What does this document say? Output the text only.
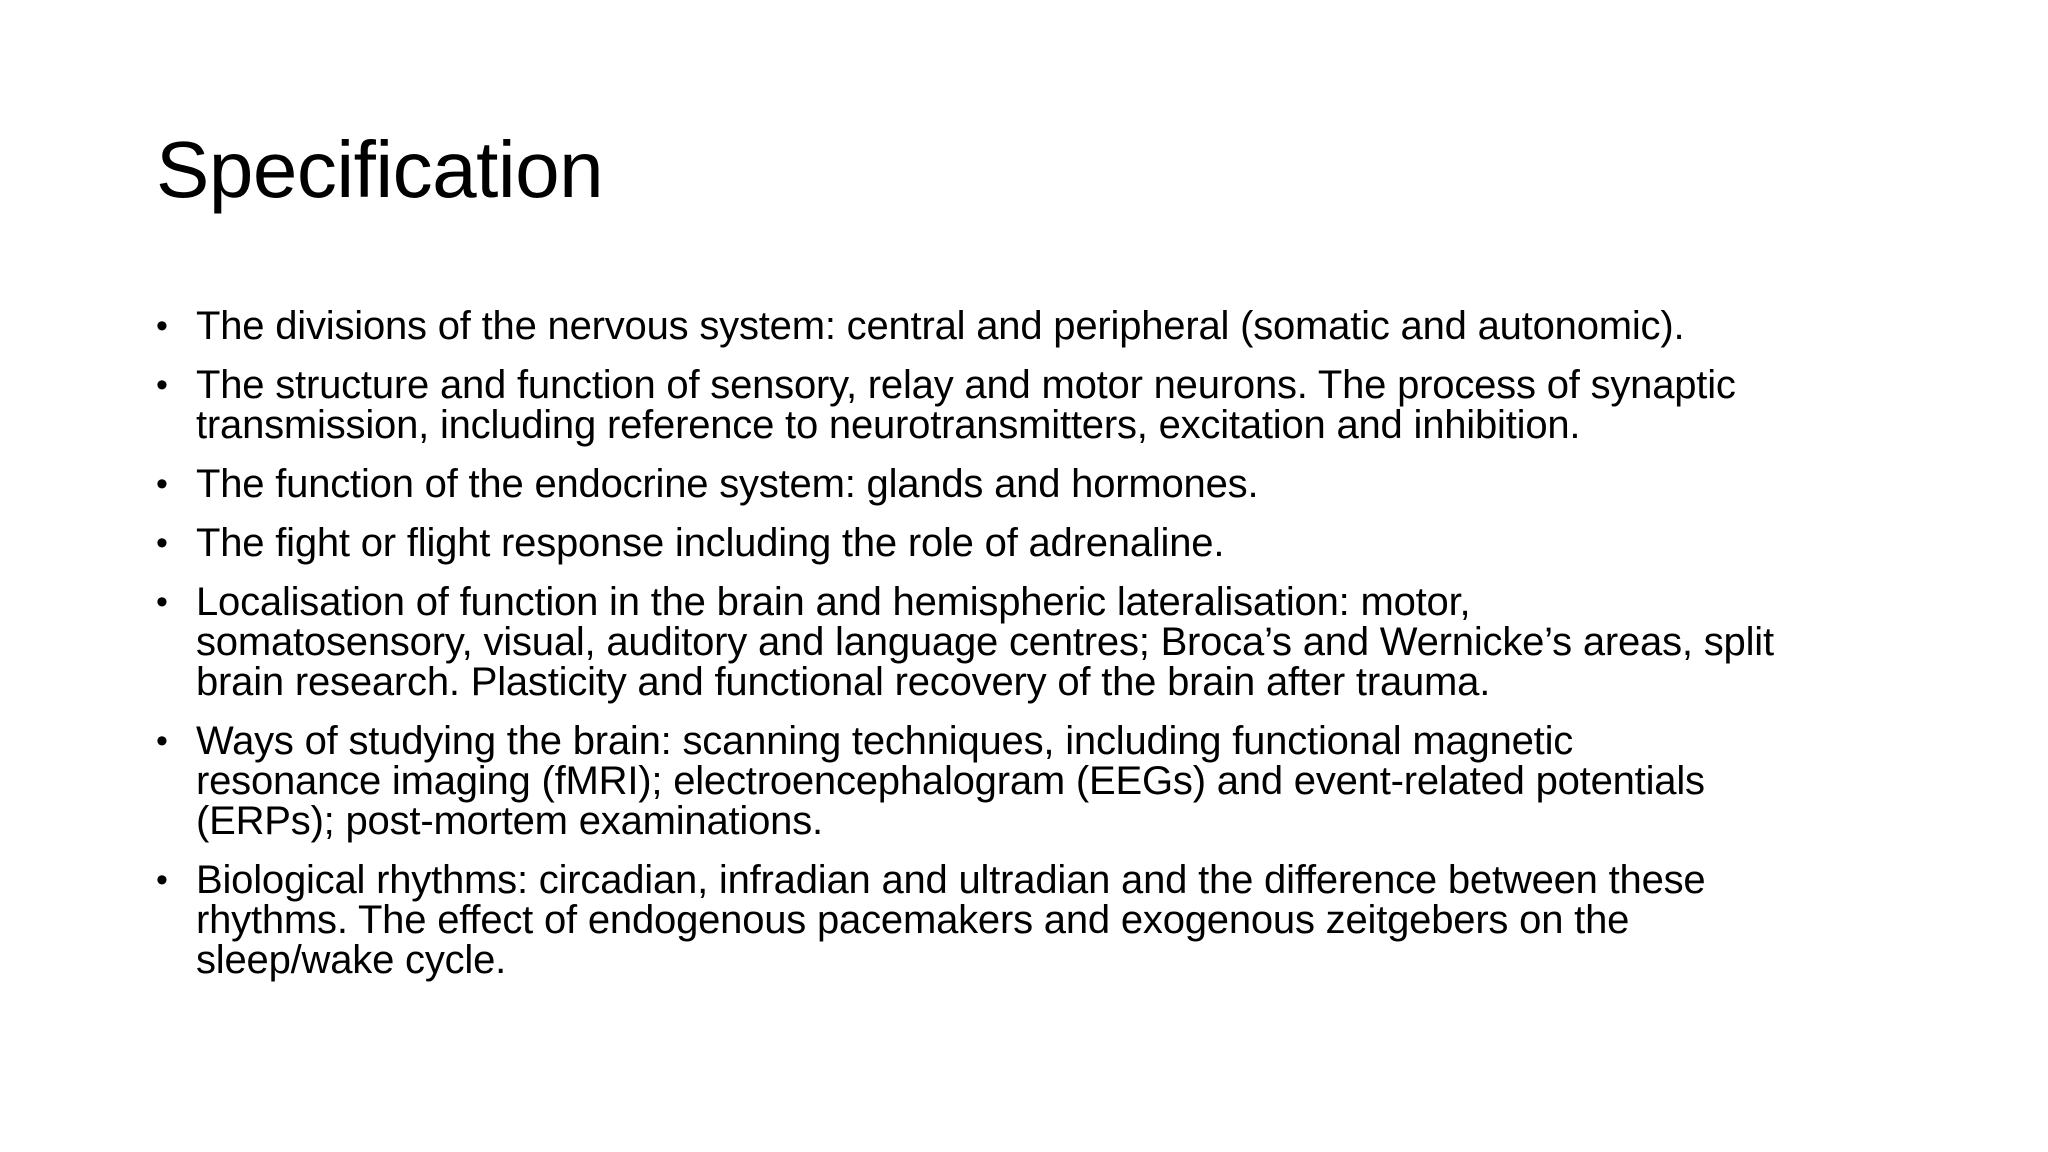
Specification
• The divisions of the nervous system: central and peripheral (somatic and autonomic).
• The structure and function of sensory, relay and motor neurons. The process of synaptic
transmission, including reference to neurotransmitters, excitation and inhibition.
• The function of the endocrine system: glands and hormones.
• The fight or flight response including the role of adrenaline.
• Localisation of function in the brain and hemispheric lateralisation: motor,
somatosensory, visual, auditory and language centres; Broca’s and Wernicke’s areas, split
brain research. Plasticity and functional recovery of the brain after trauma.
• Ways of studying the brain: scanning techniques, including functional magnetic
resonance imaging (fMRI); electroencephalogram (EEGs) and event-related potentials
(ERPs); post-mortem examinations.
• Biological rhythms: circadian, infradian and ultradian and the difference between these
rhythms. The effect of endogenous pacemakers and exogenous zeitgebers on the
sleep/wake cycle.
